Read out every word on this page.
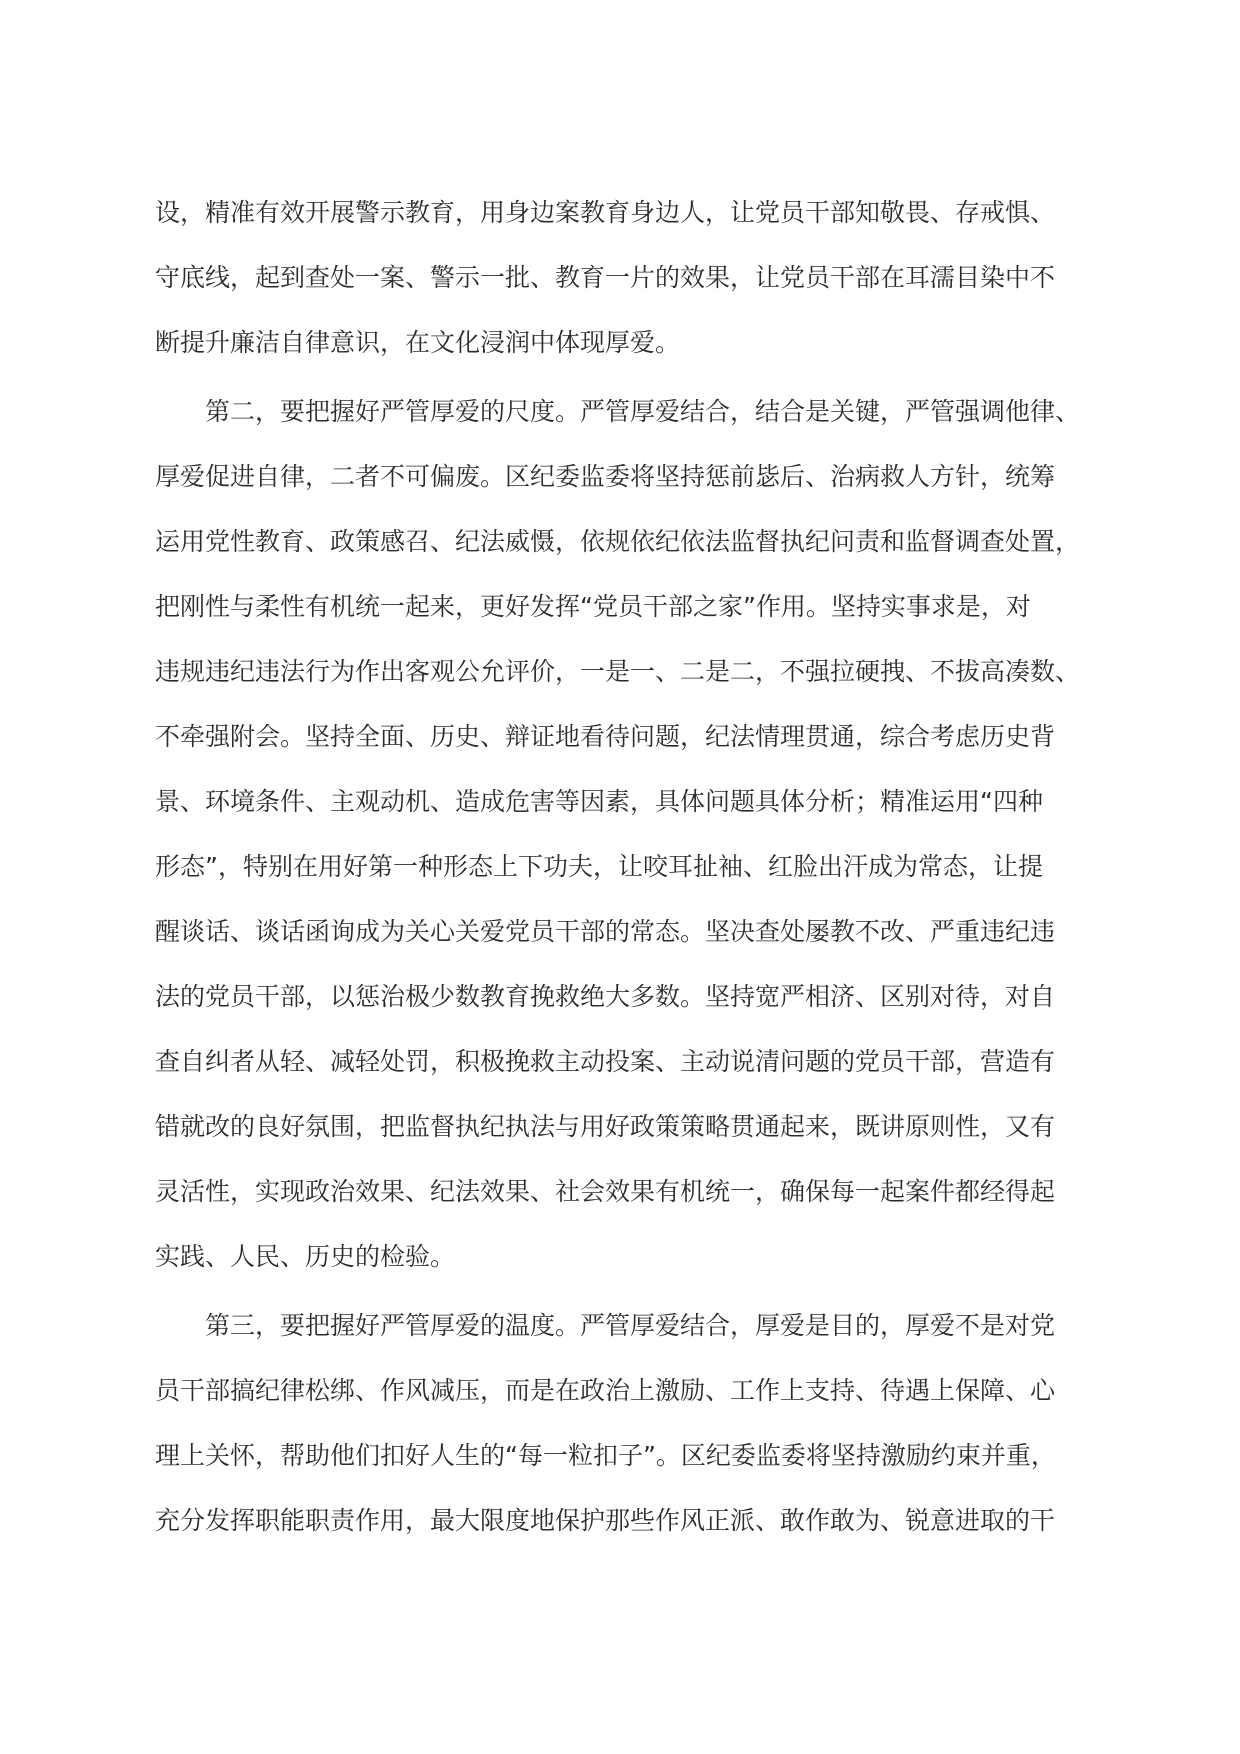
设，精准有效开展警示教育，用身边案教育身边人，让党员干部知敬畏、存戒惧、
守底线，起到查处一案、警示一批、教育一片的效果，让党员干部在耳濡目染中不
断提升廉洁自律意识，在文化浸润中体现厚爱。
第二，要把握好严管厚爱的尺度。严管厚爱结合，结合是关键，严管强调他律、
厚爱促进自律，二者不可偏废。区纪委监委将坚持惩前毖后、治病救人方针，统筹
运用党性教育、政策感召、纪法威慑，依规依纪依法监督执纪问责和监督调查处置，
把刚性与柔性有机统一起来，更好发挥“党员干部之家”作用。坚持实事求是，对
违规违纪违法行为作出客观公允评价，一是一、二是二，不强拉硬拽、不拔高凑数、
不牵强附会。坚持全面、历史、辩证地看待问题，纪法情理贯通，综合考虑历史背
景、环境条件、主观动机、造成危害等因素，具体问题具体分析；精准运用“四种
形态”，特别在用好第一种形态上下功夫，让咬耳扯袖、红脸出汗成为常态，让提
醒谈话、谈话函询成为关心关爱党员干部的常态。坚决查处屡教不改、严重违纪违
法的党员干部，以惩治极少数教育挽救绝大多数。坚持宽严相济、区别对待，对自
查自纠者从轻、减轻处罚，积极挽救主动投案、主动说清问题的党员干部，营造有
错就改的良好氛围，把监督执纪执法与用好政策策略贯通起来，既讲原则性，又有
灵活性，实现政治效果、纪法效果、社会效果有机统一，确保每一起案件都经得起
实践、人民、历史的检验。
第三，要把握好严管厚爱的温度。严管厚爱结合，厚爱是目的，厚爱不是对党
员干部搞纪律松绑、作风减压，而是在政治上激励、工作上支持、待遇上保障、心
理上关怀，帮助他们扣好人生的“每一粒扣子”。区纪委监委将坚持激励约束并重，
充分发挥职能职责作用，最大限度地保护那些作风正派、敢作敢为、锐意进取的干
